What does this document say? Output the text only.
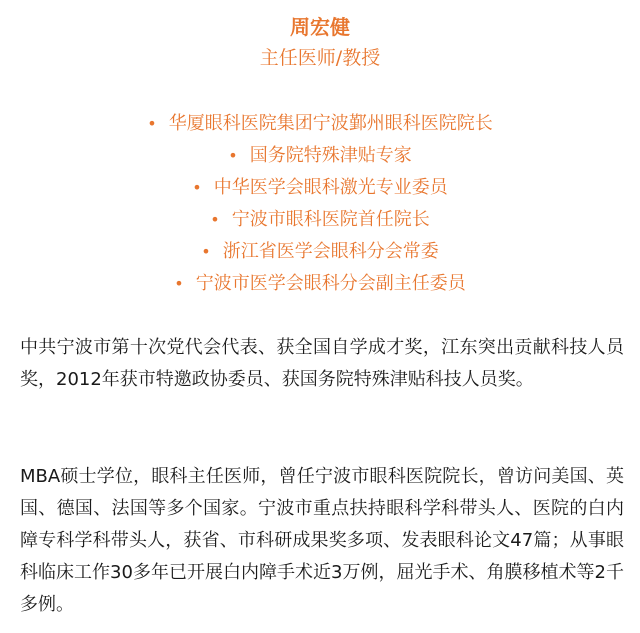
周宏健
主任医师/教授
• 华厦眼科医院集团宁波鄞州眼科医院院长
• 国务院特殊津贴专家
• 中华医学会眼科激光专业委员
• 宁波市眼科医院首任院长
• 浙江省医学会眼科分会常委
• 宁波市医学会眼科分会副主任委员

中共宁波市第十次党代会代表、获全国自学成才奖，江东突出贡献科技人员奖，2012年获市特邀政协委员、获国务院特殊津贴科技人员奖。

MBA硕士学位，眼科主任医师，曾任宁波市眼科医院院长，曾访问美国、英国、德国、法国等多个国家。宁波市重点扶持眼科学科带头人、医院的白内障专科学科带头人，获省、市科研成果奖多项、发表眼科论文47篇；从事眼科临床工作30多年已开展白内障手术近3万例，屈光手术、角膜移植术等2千多例。
